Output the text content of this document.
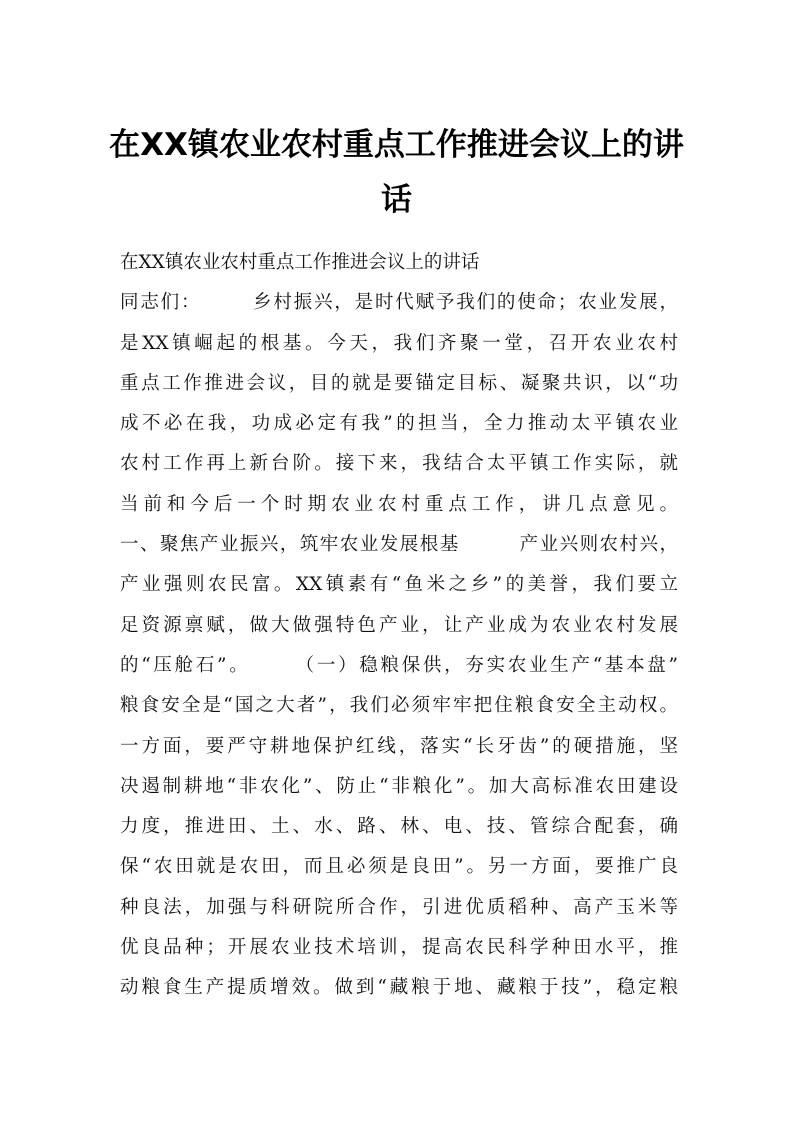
在XX镇农业农村重点工作推进会议上的讲
话
在XX镇农业农村重点工作推进会议上的讲话
同志们：　　　乡村振兴，是时代赋予我们的使命；农业发展，
是XX镇崛起的根基。今天，我们齐聚一堂，召开农业农村
重点工作推进会议，目的就是要锚定目标、凝聚共识，以“功
成不必在我，功成必定有我”的担当，全力推动太平镇农业
农村工作再上新台阶。接下来，我结合太平镇工作实际，就
当前和今后一个时期农业农村重点工作，讲几点意见。
一、聚焦产业振兴，筑牢农业发展根基　　　产业兴则农村兴，
产业强则农民富。XX镇素有“鱼米之乡”的美誉，我们要立
足资源禀赋，做大做强特色产业，让产业成为农业农村发展
的“压舱石”。　　　（一）稳粮保供，夯实农业生产“基本盘”
粮食安全是“国之大者”，我们必须牢牢把住粮食安全主动权。
一方面，要严守耕地保护红线，落实“长牙齿”的硬措施，坚
决遏制耕地“非农化”、防止“非粮化”。加大高标准农田建设
力度，推进田、土、水、路、林、电、技、管综合配套，确
保“农田就是农田，而且必须是良田”。另一方面，要推广良
种良法，加强与科研院所合作，引进优质稻种、高产玉米等
优良品种；开展农业技术培训，提高农民科学种田水平，推
动粮食生产提质增效。做到“藏粮于地、藏粮于技”，稳定粮
